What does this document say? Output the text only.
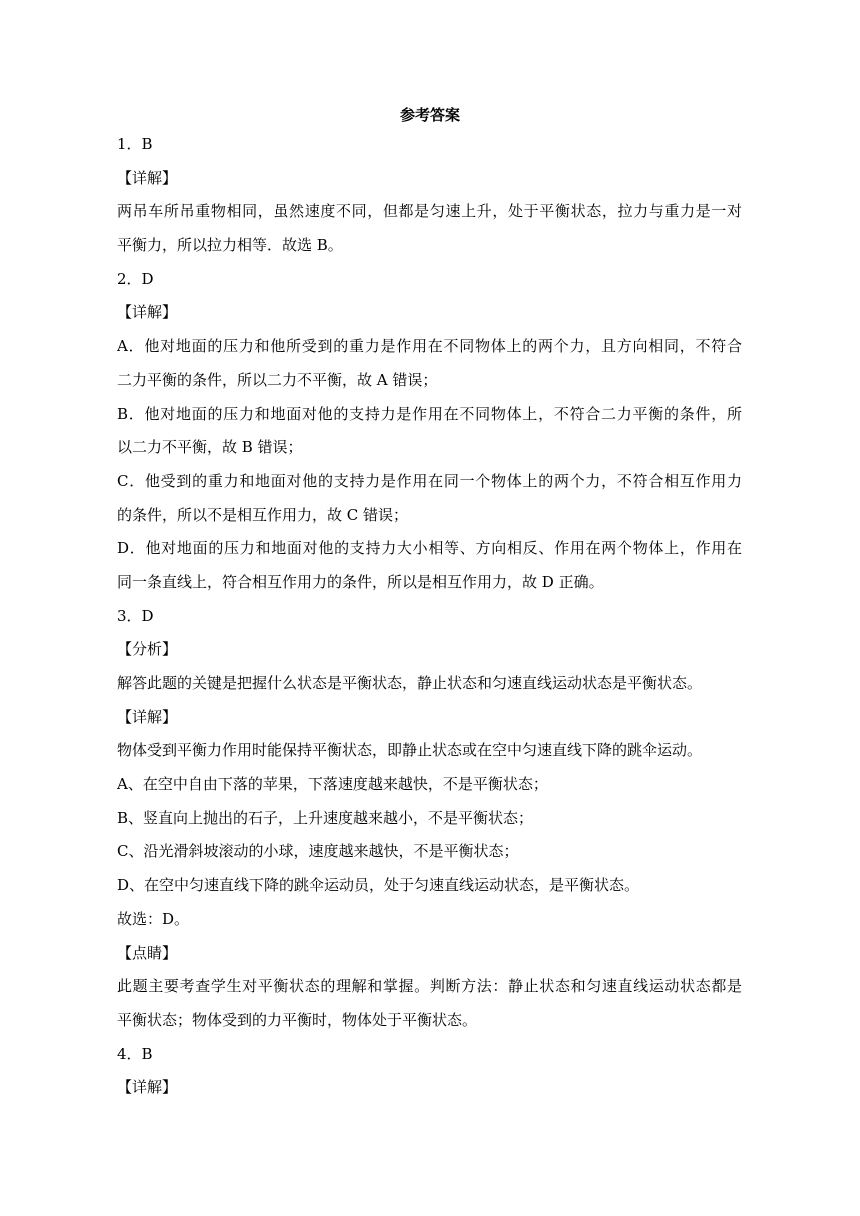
参考答案
1．B
【详解】
两吊车所吊重物相同，虽然速度不同，但都是匀速上升，处于平衡状态，拉力与重力是一对
平衡力，所以拉力相等．故选 B。
2．D
【详解】
A．他对地面的压力和他所受到的重力是作用在不同物体上的两个力，且方向相同，不符合
二力平衡的条件，所以二力不平衡，故 A 错误；
B．他对地面的压力和地面对他的支持力是作用在不同物体上，不符合二力平衡的条件，所
以二力不平衡，故 B 错误；
C．他受到的重力和地面对他的支持力是作用在同一个物体上的两个力，不符合相互作用力
的条件，所以不是相互作用力，故 C 错误；
D．他对地面的压力和地面对他的支持力大小相等、方向相反、作用在两个物体上，作用在
同一条直线上，符合相互作用力的条件，所以是相互作用力，故 D 正确。
3．D
【分析】
解答此题的关键是把握什么状态是平衡状态，静止状态和匀速直线运动状态是平衡状态。
【详解】
物体受到平衡力作用时能保持平衡状态，即静止状态或在空中匀速直线下降的跳伞运动。
A、在空中自由下落的苹果，下落速度越来越快，不是平衡状态；
B、竖直向上抛出的石子，上升速度越来越小，不是平衡状态；
C、沿光滑斜坡滚动的小球，速度越来越快，不是平衡状态；
D、在空中匀速直线下降的跳伞运动员，处于匀速直线运动状态，是平衡状态。
故选：D。
【点睛】
此题主要考查学生对平衡状态的理解和掌握。判断方法：静止状态和匀速直线运动状态都是
平衡状态；物体受到的力平衡时，物体处于平衡状态。
4．B
【详解】
